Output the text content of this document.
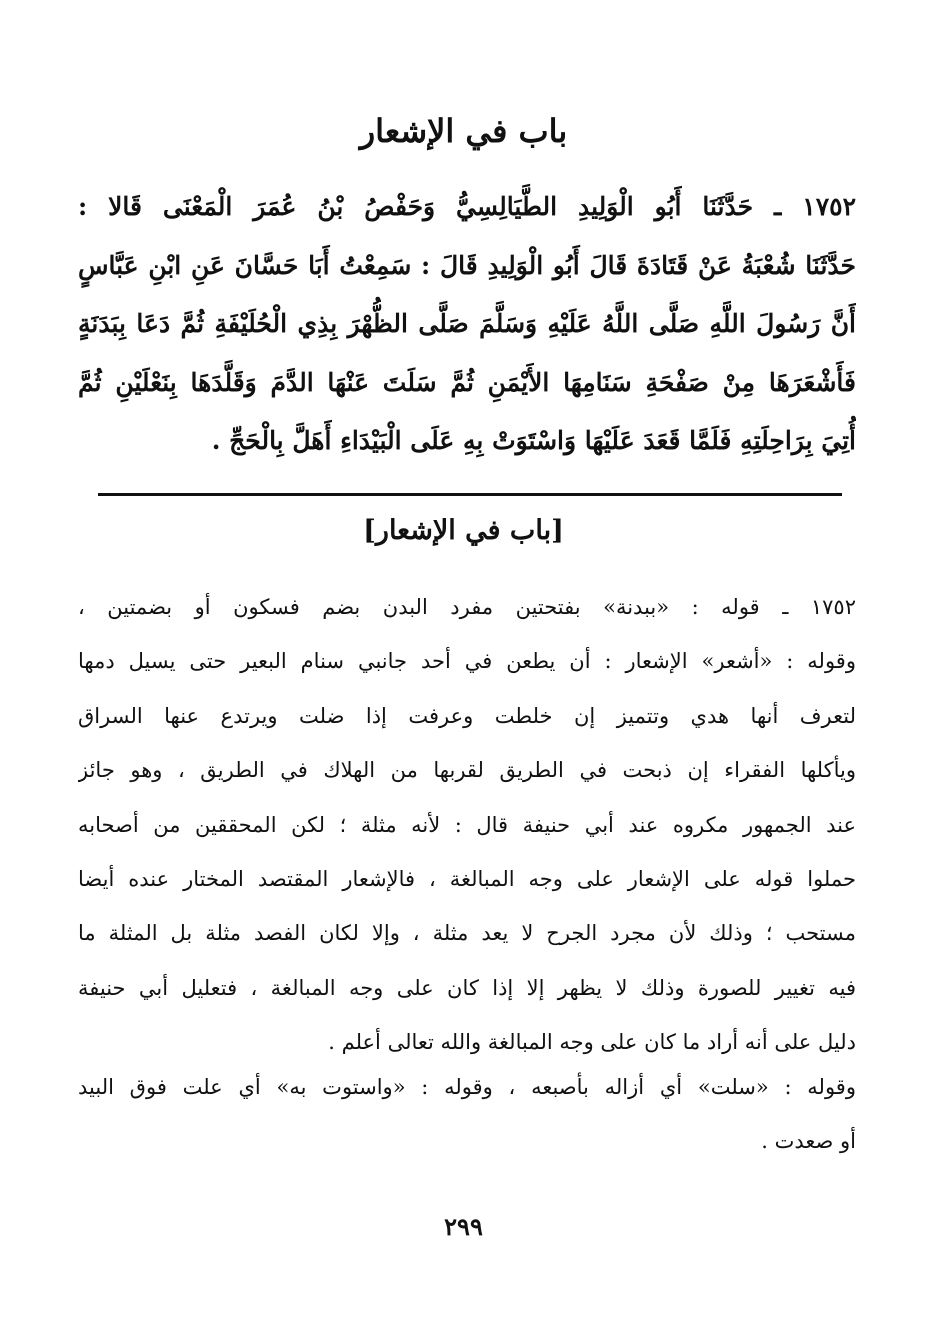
باب في الإشعار
١٧٥٢ ـ حَدَّثَنَا أَبُو الْوَلِيدِ الطَّيَالِسِيُّ وَحَفْصُ بْنُ عُمَرَ الْمَعْنَى قَالا :
حَدَّثَنَا شُعْبَةُ عَنْ قَتَادَةَ قَالَ أَبُو الْوَلِيدِ قَالَ : سَمِعْتُ أَبَا حَسَّانَ عَنِ ابْنِ عَبَّاسٍ
أَنَّ رَسُولَ اللَّهِ صَلَّى اللَّهُ عَلَيْهِ وَسَلَّمَ صَلَّى الظُّهْرَ بِذِي الْحُلَيْفَةِ ثُمَّ دَعَا بِبَدَنَةٍ
فَأَشْعَرَهَا مِنْ صَفْحَةِ سَنَامِهَا الأَيْمَنِ ثُمَّ سَلَتَ عَنْهَا الدَّمَ وَقَلَّدَهَا بِنَعْلَيْنِ ثُمَّ
أُتِيَ بِرَاحِلَتِهِ فَلَمَّا قَعَدَ عَلَيْهَا وَاسْتَوَتْ بِهِ عَلَى الْبَيْدَاءِ أَهَلَّ بِالْحَجِّ .
[باب في الإشعار]
١٧٥٢ ـ قوله : «ببدنة» بفتحتين مفرد البدن بضم فسكون أو بضمتين ،
وقوله : «أشعر» الإشعار : أن يطعن في أحد جانبي سنام البعير حتى يسيل دمها
لتعرف أنها هدي وتتميز إن خلطت وعرفت إذا ضلت ويرتدع عنها السراق
ويأكلها الفقراء إن ذبحت في الطريق لقربها من الهلاك في الطريق ، وهو جائز
عند الجمهور مكروه عند أبي حنيفة قال : لأنه مثلة ؛ لكن المحققين من أصحابه
حملوا قوله على الإشعار على وجه المبالغة ، فالإشعار المقتصد المختار عنده أيضا
مستحب ؛ وذلك لأن مجرد الجرح لا يعد مثلة ، وإلا لكان الفصد مثلة بل المثلة ما
فيه تغيير للصورة وذلك لا يظهر إلا إذا كان على وجه المبالغة ، فتعليل أبي حنيفة
دليل على أنه أراد ما كان على وجه المبالغة والله تعالى أعلم .
وقوله : «سلت» أي أزاله بأصبعه ، وقوله : «واستوت به» أي علت فوق البيد
أو صعدت .
٢٩٩
